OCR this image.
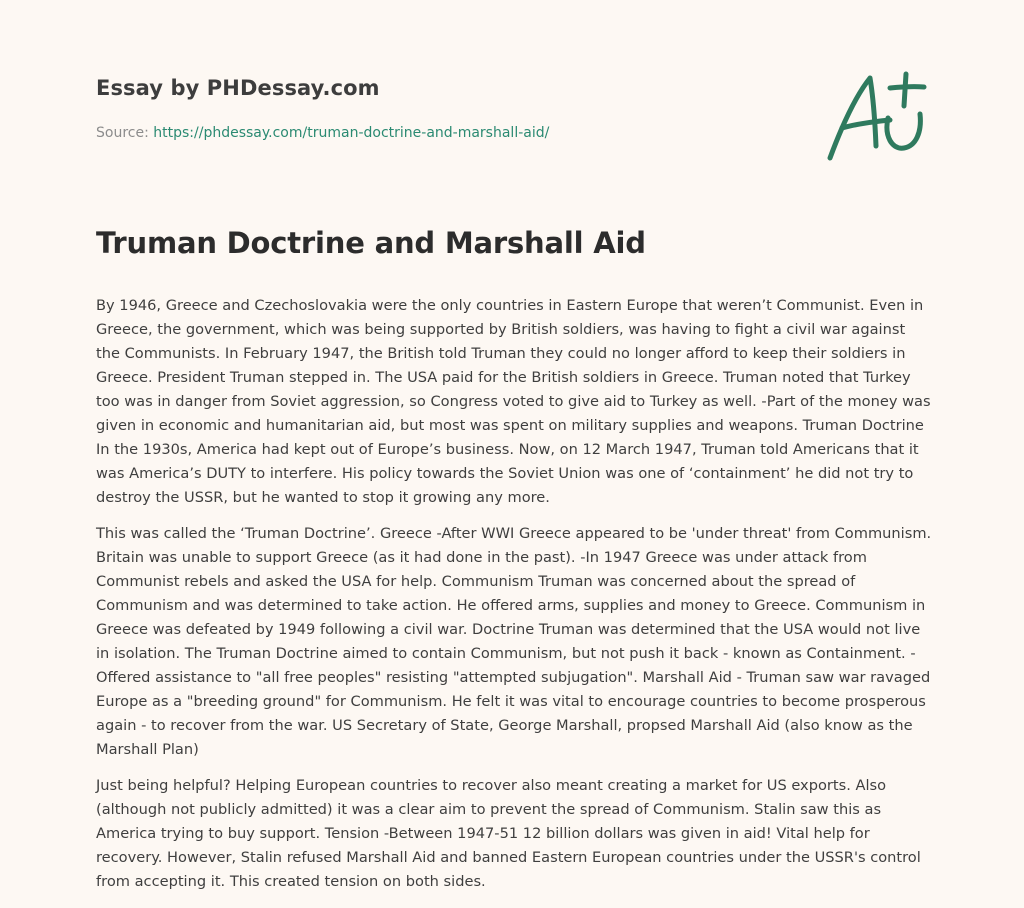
Essay by PHDessay.com
Source: https://phdessay.com/truman-doctrine-and-marshall-aid/
Truman Doctrine and Marshall Aid

By 1946, Greece and Czechoslovakia were the only countries in Eastern Europe that weren’t Communist. Even in Greece, the government, which was being supported by British soldiers, was having to fight a civil war against the Communists. In February 1947, the British told Truman they could no longer afford to keep their soldiers in Greece. President Truman stepped in. The USA paid for the British soldiers in Greece. Truman noted that Turkey too was in danger from Soviet aggression, so Congress voted to give aid to Turkey as well. -Part of the money was given in economic and humanitarian aid, but most was spent on military supplies and weapons. Truman Doctrine In the 1930s, America had kept out of Europe’s business. Now, on 12 March 1947, Truman told Americans that it was America’s DUTY to interfere. His policy towards the Soviet Union was one of ‘containment’ he did not try to destroy the USSR, but he wanted to stop it growing any more.

This was called the ‘Truman Doctrine’. Greece -After WWI Greece appeared to be 'under threat' from Communism. Britain was unable to support Greece (as it had done in the past). -In 1947 Greece was under attack from Communist rebels and asked the USA for help. Communism Truman was concerned about the spread of Communism and was determined to take action. He offered arms, supplies and money to Greece. Communism in Greece was defeated by 1949 following a civil war. Doctrine Truman was determined that the USA would not live in isolation. The Truman Doctrine aimed to contain Communism, but not push it back - known as Containment. -Offered assistance to "all free peoples" resisting "attempted subjugation". Marshall Aid - Truman saw war ravaged Europe as a "breeding ground" for Communism. He felt it was vital to encourage countries to become prosperous again - to recover from the war. US Secretary of State, George Marshall, propsed Marshall Aid (also know as the Marshall Plan)

Just being helpful? Helping European countries to recover also meant creating a market for US exports. Also (although not publicly admitted) it was a clear aim to prevent the spread of Communism. Stalin saw this as America trying to buy support. Tension -Between 1947-51 12 billion dollars was given in aid! Vital help for recovery. However, Stalin refused Marshall Aid and banned Eastern European countries under the USSR's control from accepting it. This created tension on both sides.
